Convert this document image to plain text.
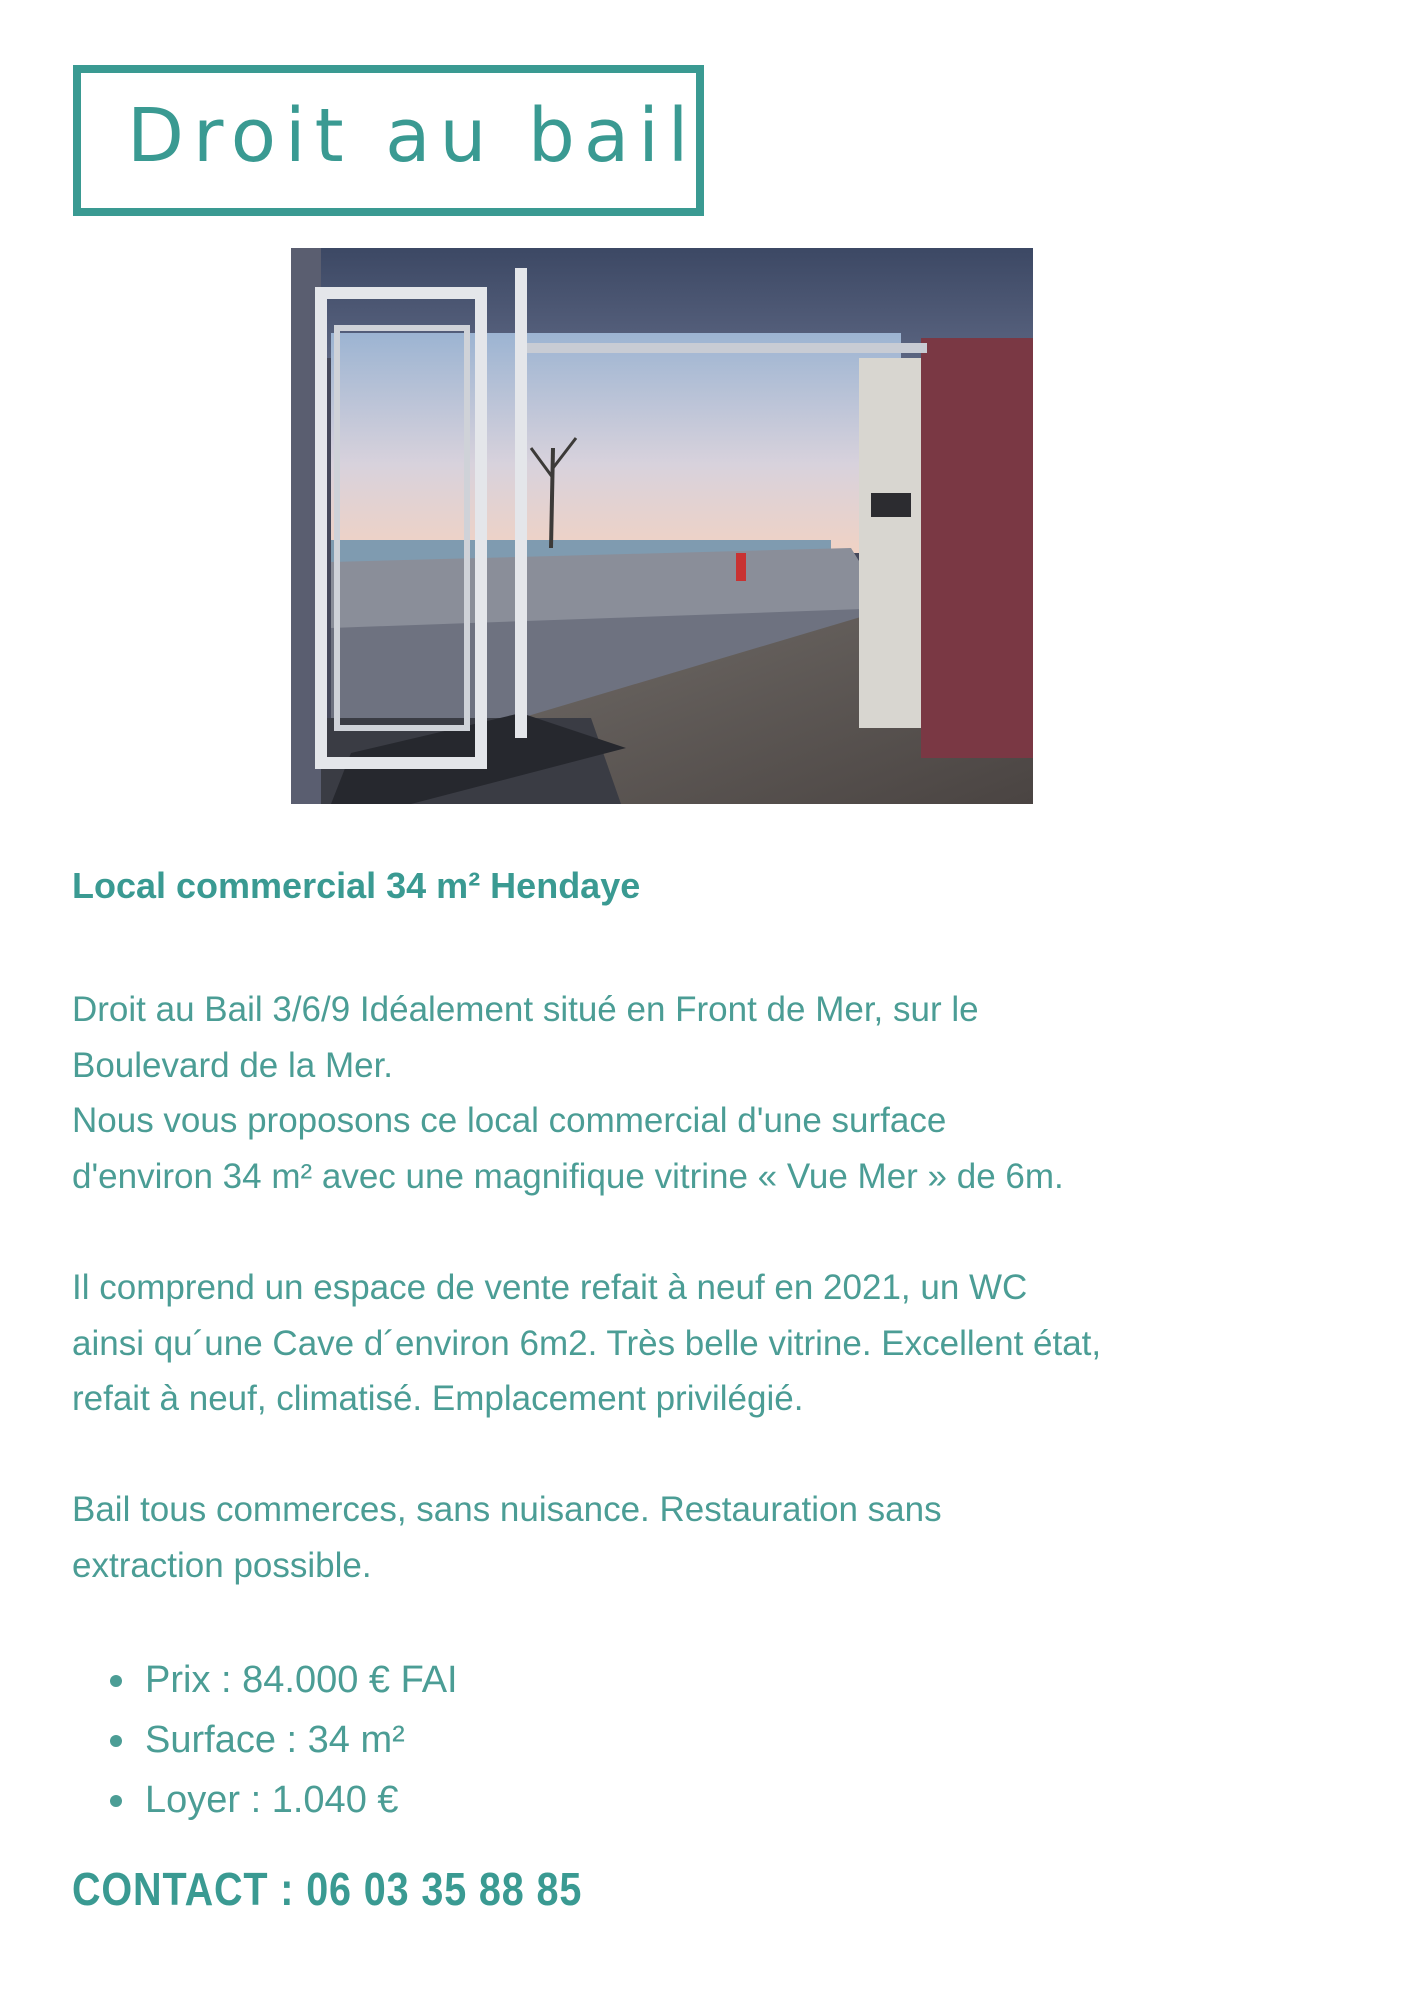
Droit au bail
Local commercial 34 m² Hendaye

Droit au Bail 3/6/9 Idéalement situé en Front de Mer, sur le
Boulevard de la Mer.
Nous vous proposons ce local commercial d'une surface
d'environ 34 m² avec une magnifique vitrine « Vue Mer » de 6m.

Il comprend un espace de vente refait à neuf en 2021, un WC
ainsi qu´une Cave d´environ 6m2. Très belle vitrine. Excellent état,
refait à neuf, climatisé. Emplacement privilégié.

Bail tous commerces, sans nuisance. Restauration sans
extraction possible.

Prix : 84.000 € FAI
Surface : 34 m²
Loyer : 1.040 €
CONTACT : 06 03 35 88 85
